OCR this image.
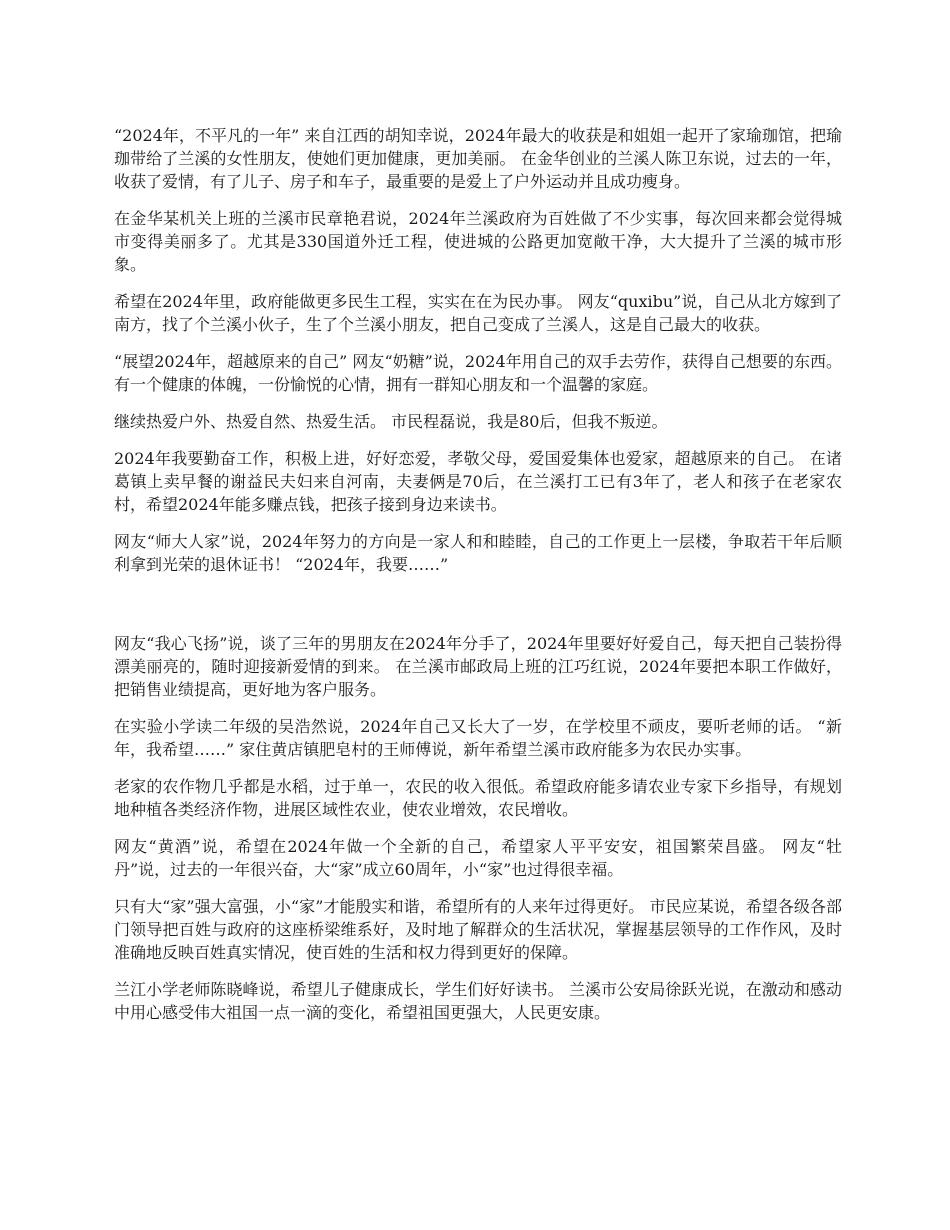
“2024年，不平凡的一年” 来自江西的胡知幸说，2024年最大的收获是和姐姐一起开了家瑜珈馆，把瑜珈带给了兰溪的女性朋友，使她们更加健康，更加美丽。 在金华创业的兰溪人陈卫东说，过去的一年，收获了爱情，有了儿子、房子和车子，最重要的是爱上了户外运动并且成功瘦身。

在金华某机关上班的兰溪市民章艳君说，2024年兰溪政府为百姓做了不少实事，每次回来都会觉得城市变得美丽多了。尤其是330国道外迁工程，使进城的公路更加宽敞干净，大大提升了兰溪的城市形象。

希望在2024年里，政府能做更多民生工程，实实在在为民办事。 网友“quxibu”说，自己从北方嫁到了南方，找了个兰溪小伙子，生了个兰溪小朋友，把自己变成了兰溪人，这是自己最大的收获。

“展望2024年，超越原来的自己” 网友“奶糖”说，2024年用自己的双手去劳作，获得自己想要的东西。有一个健康的体魄，一份愉悦的心情，拥有一群知心朋友和一个温馨的家庭。

继续热爱户外、热爱自然、热爱生活。 市民程磊说，我是80后，但我不叛逆。

2024年我要勤奋工作，积极上进，好好恋爱，孝敬父母，爱国爱集体也爱家，超越原来的自己。 在诸葛镇上卖早餐的谢益民夫妇来自河南，夫妻俩是70后，在兰溪打工已有3年了，老人和孩子在老家农村，希望2024年能多赚点钱，把孩子接到身边来读书。

网友“师大人家”说，2024年努力的方向是一家人和和睦睦，自己的工作更上一层楼，争取若干年后顺利拿到光荣的退休证书！ “2024年，我要……”

网友“我心飞扬”说，谈了三年的男朋友在2024年分手了，2024年里要好好爱自己，每天把自己装扮得漂美丽亮的，随时迎接新爱情的到来。 在兰溪市邮政局上班的江巧红说，2024年要把本职工作做好，把销售业绩提高，更好地为客户服务。

在实验小学读二年级的吴浩然说，2024年自己又长大了一岁，在学校里不顽皮，要听老师的话。 “新年，我希望……” 家住黄店镇肥皂村的王师傅说，新年希望兰溪市政府能多为农民办实事。

老家的农作物几乎都是水稻，过于单一，农民的收入很低。希望政府能多请农业专家下乡指导，有规划地种植各类经济作物，进展区域性农业，使农业增效，农民增收。

网友“黄酒”说，希望在2024年做一个全新的自己，希望家人平平安安，祖国繁荣昌盛。 网友“牡丹”说，过去的一年很兴奋，大“家”成立60周年，小“家”也过得很幸福。

只有大“家”强大富强，小“家”才能殷实和谐，希望所有的人来年过得更好。 市民应某说，希望各级各部门领导把百姓与政府的这座桥梁维系好，及时地了解群众的生活状况，掌握基层领导的工作作风，及时准确地反映百姓真实情况，使百姓的生活和权力得到更好的保障。

兰江小学老师陈晓峰说，希望儿子健康成长，学生们好好读书。 兰溪市公安局徐跃光说，在激动和感动中用心感受伟大祖国一点一滴的变化，希望祖国更强大，人民更安康。
